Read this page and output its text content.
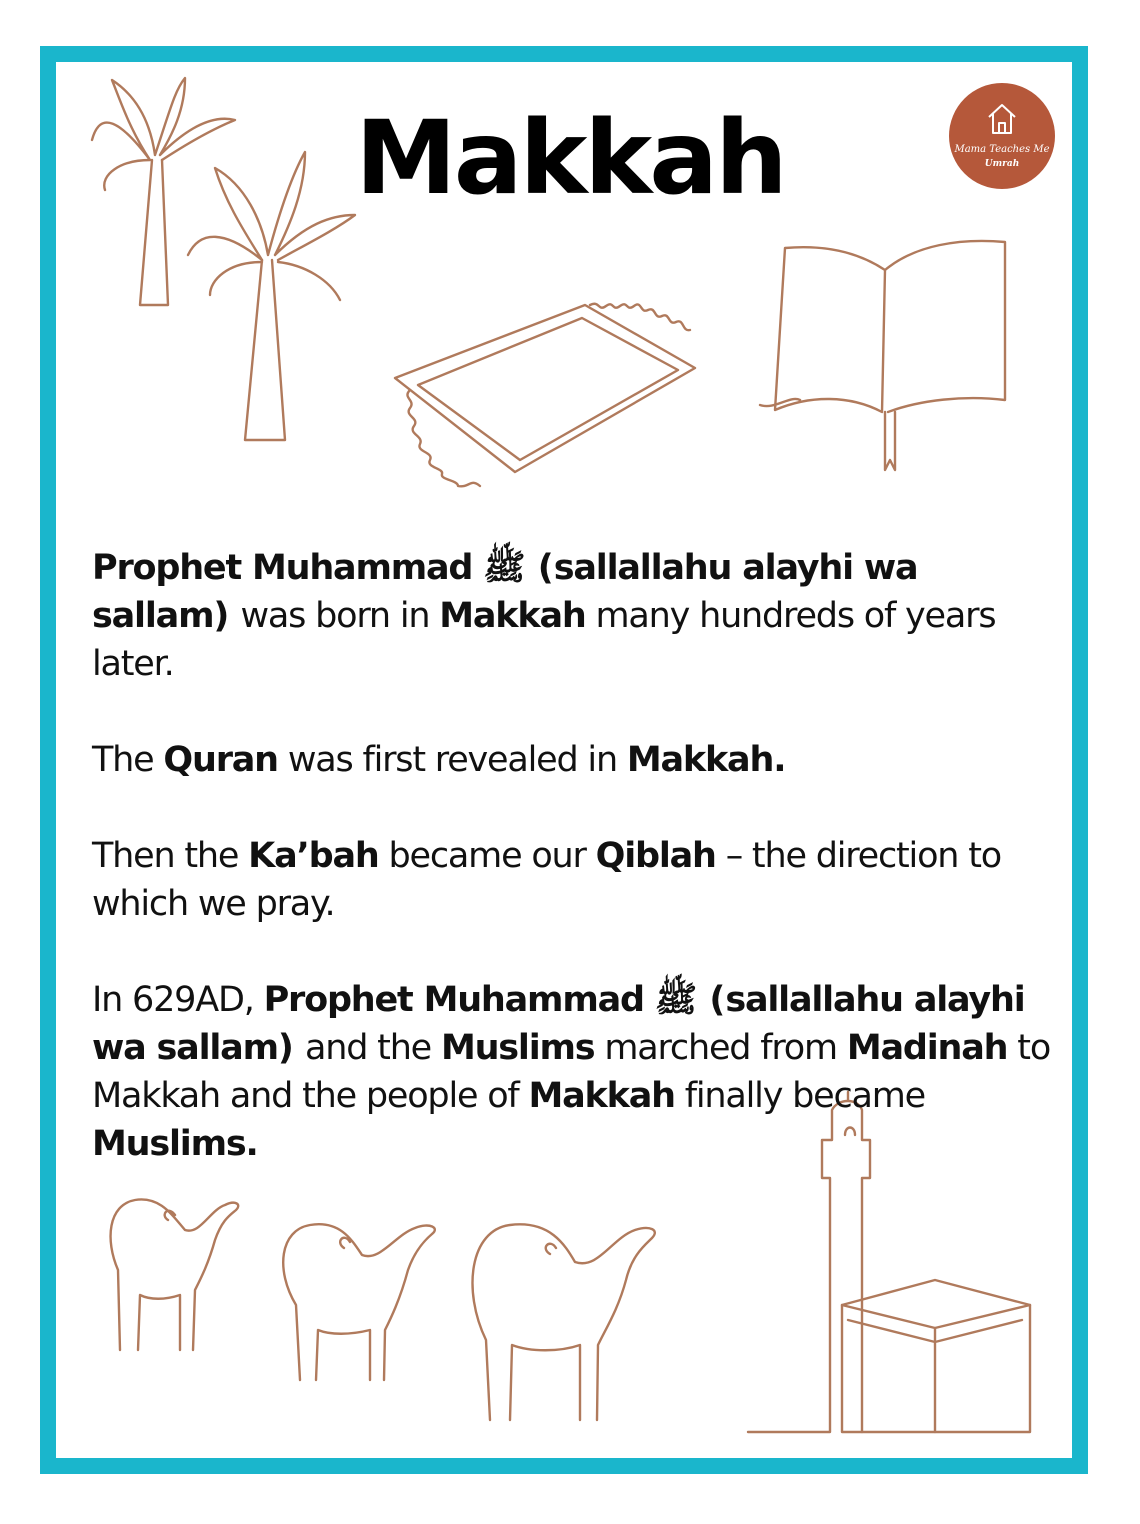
Makkah	Mama Teaches Me
Umrah

Prophet Muhammad ﷺ (sallallahu alayhi wa sallam) was born in Makkah many hundreds of years later.

The Quran was first revealed in Makkah.

Then the Ka’bah became our Qiblah – the direction to which we pray.

In 629AD, Prophet Muhammad ﷺ (sallallahu alayhi wa sallam) and the Muslims marched from Madinah to Makkah and the people of Makkah finally became Muslims.
